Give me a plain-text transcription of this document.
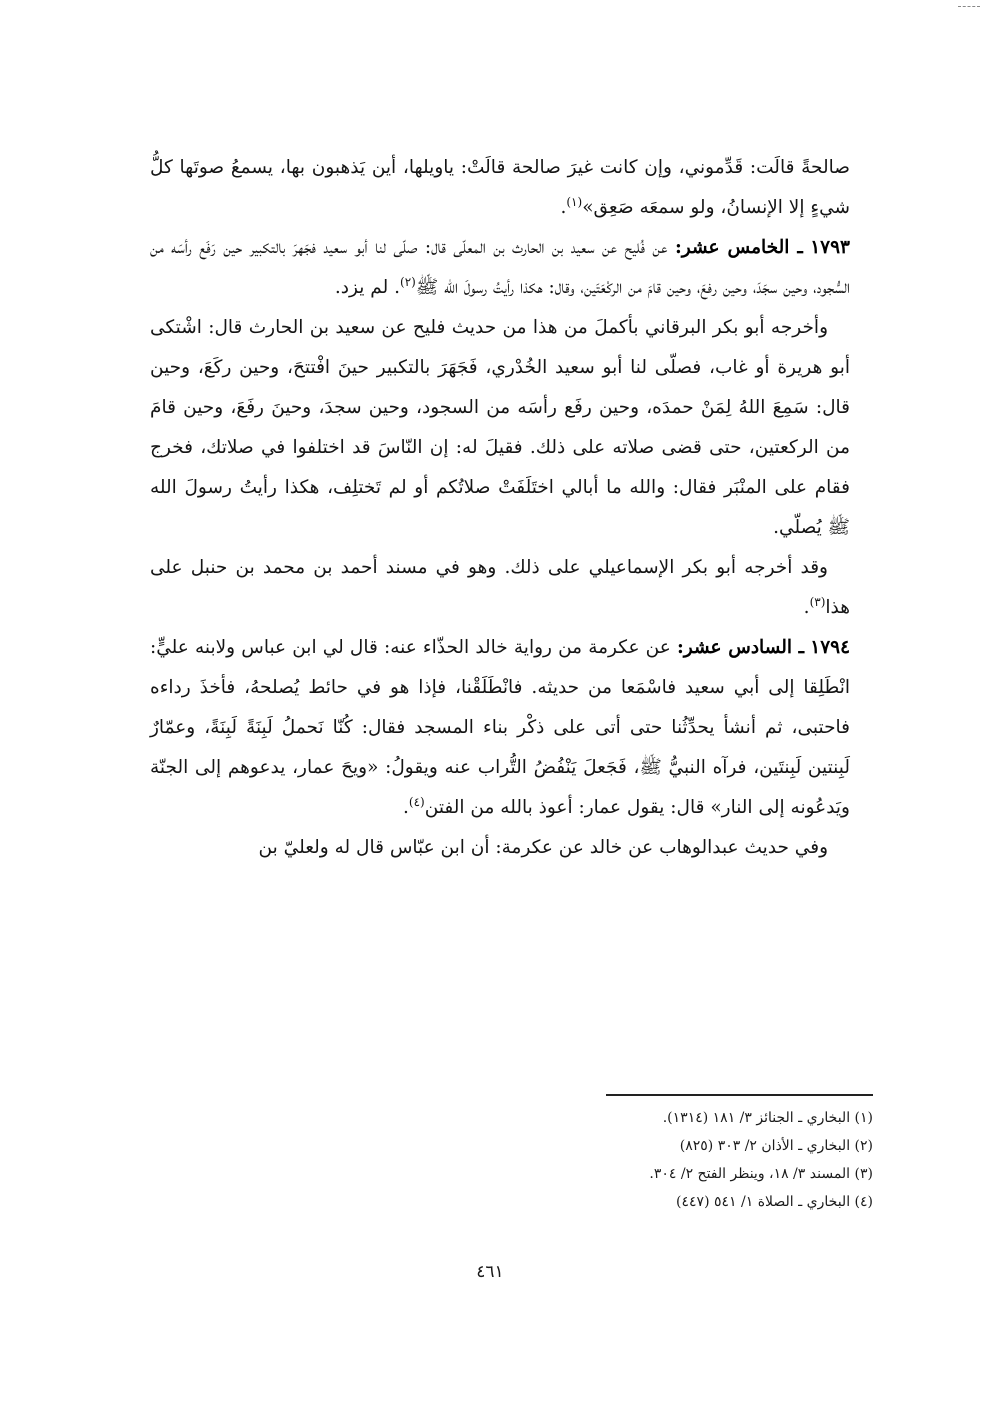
صالحةً قالَت: قَدِّموني، وإن كانت غيرَ صالحة قالَتْ: ياويلها، أين يَذهبون بها، يسمعُ صوتَها كلُّ شيءٍ إلا الإنسانُ، ولو سمعَه صَعِق»$^{(١)}$.

١٧٩٣ ـ الخامس عشر: عن فُليح عن سعيد بن الحارث بن المعلّى قال: صلّى لنا أبو سعيد فجَهرَ بالتكبير حين رَفَع رأسَه من السُّجود، وحين سجَدَ، وحين رفعَ، وحين قامَ من الركْعَتَين، وقال: هكذا رأيتُ رسولَ الله ﷺ$^{(٢)}$. لم يزد.

وأخرجه أبو بكر البرقاني بأكملَ من هذا من حديث فليح عن سعيد بن الحارث قال: اشْتكى أبو هريرة أو غاب، فصلّى لنا أبو سعيد الخُدْري، فَجَهَرَ بالتكبير حينَ افْتتحَ، وحين ركَعَ، وحين قال: سَمِعَ اللهُ لِمَنْ حمدَه، وحين رفَع رأسَه من السجود، وحين سجدَ، وحينَ رفَعَ، وحين قامَ من الركعتين، حتى قضى صلاته على ذلك. فقيلَ له: إن النّاسَ قد اختلفوا في صلاتك، فخرج فقام على المنْبَر فقال: والله ما أبالي اختَلَفَتْ صلاتُكم أو لم تَختلِف، هكذا رأيتُ رسولَ الله ﷺ يُصلّي.

وقد أخرجه أبو بكر الإسماعيلي على ذلك. وهو في مسند أحمد بن محمد بن حنبل على هذا$^{(٣)}$.

١٧٩٤ ـ السادس عشر: عن عكرمة من رواية خالد الحذّاء عنه: قال لي ابن عباس ولابنه عليٍّ: انْطَلِقا إلى أبي سعيد فاسْمَعا من حديثه. فانْطَلَقْنا، فإذا هو في حائط يُصلحهُ، فأخذَ رداءه فاحتبى، ثم أنشأ يحدِّثُنا حتى أتى على ذكْر بناء المسجد فقال: كُنّا نَحملُ لَبِنَةً لَبِنَةً، وعمّارٌ لَبِنتين لَبِنتَين، فرآه النبيُّ ﷺ، فَجَعلَ يَنْفُضُ التُّراب عنه ويقولُ: «ويحَ عمار، يدعوهم إلى الجنّة ويَدعُونه إلى النار» قال: يقول عمار: أعوذ بالله من الفتن$^{(٤)}$.

وفي حديث عبدالوهاب عن خالد عن عكرمة: أن ابن عبّاس قال له ولعليّ بن

(١) البخاري ـ الجنائز ٣/ ١٨١ (١٣١٤).

(٢) البخاري ـ الأذان ٢/ ٣٠٣ (٨٢٥)

(٣) المسند ٣/ ١٨، وينظر الفتح ٢/ ٣٠٤.

(٤) البخاري ـ الصلاة ١/ ٥٤١ (٤٤٧)

٤٦١
